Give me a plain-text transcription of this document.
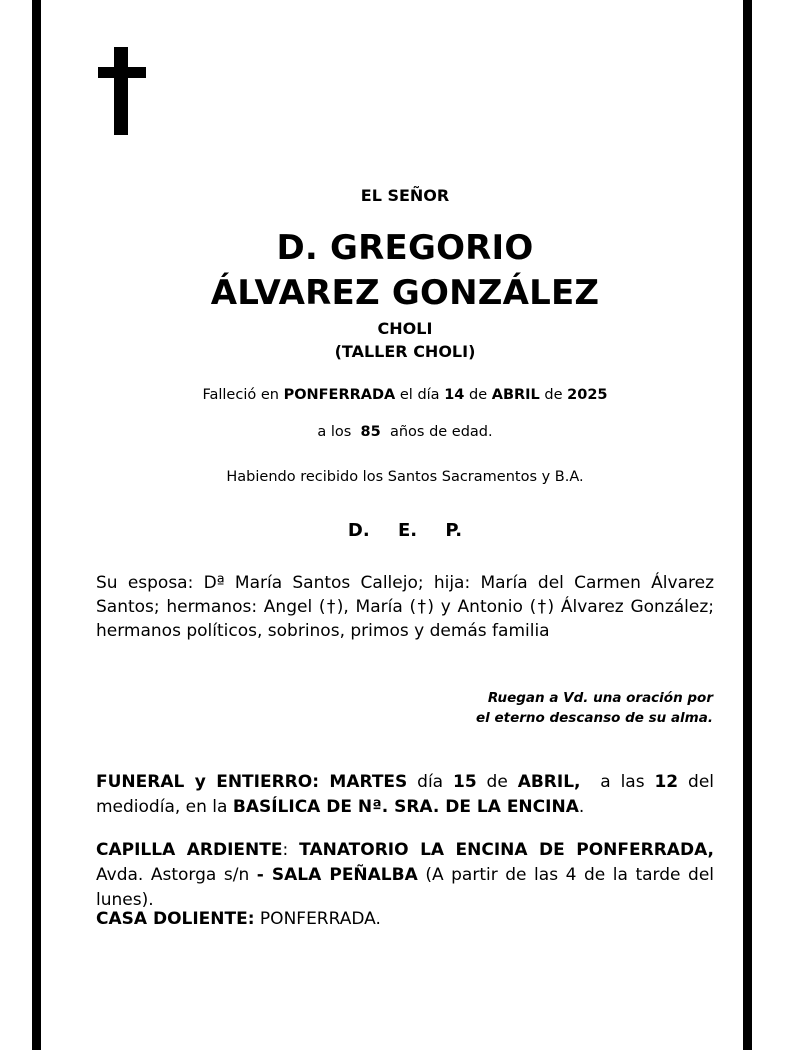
EL SEÑOR
D. GREGORIO
ÁLVAREZ GONZÁLEZ
CHOLI
(TALLER CHOLI)
Falleció en PONFERRADA el día 14 de ABRIL de 2025
a los  85  años de edad.
Habiendo recibido los Santos Sacramentos y B.A.
D. E. P.
Su esposa: Dª María Santos Callejo; hija: María del Carmen Álvarez Santos; hermanos: Angel (†), María (†) y Antonio (†) Álvarez González; hermanos políticos, sobrinos, primos y demás familia
Ruegan a Vd. una oración por
el eterno descanso de su alma.
FUNERAL y ENTIERRO: MARTES día 15 de ABRIL,  a las 12 del mediodía, en la BASÍLICA DE Nª. SRA. DE LA ENCINA.
CAPILLA ARDIENTE: TANATORIO LA ENCINA DE PONFERRADA, Avda. Astorga s/n - SALA PEÑALBA (A partir de las 4 de la tarde del lunes).
CASA DOLIENTE: PONFERRADA.
